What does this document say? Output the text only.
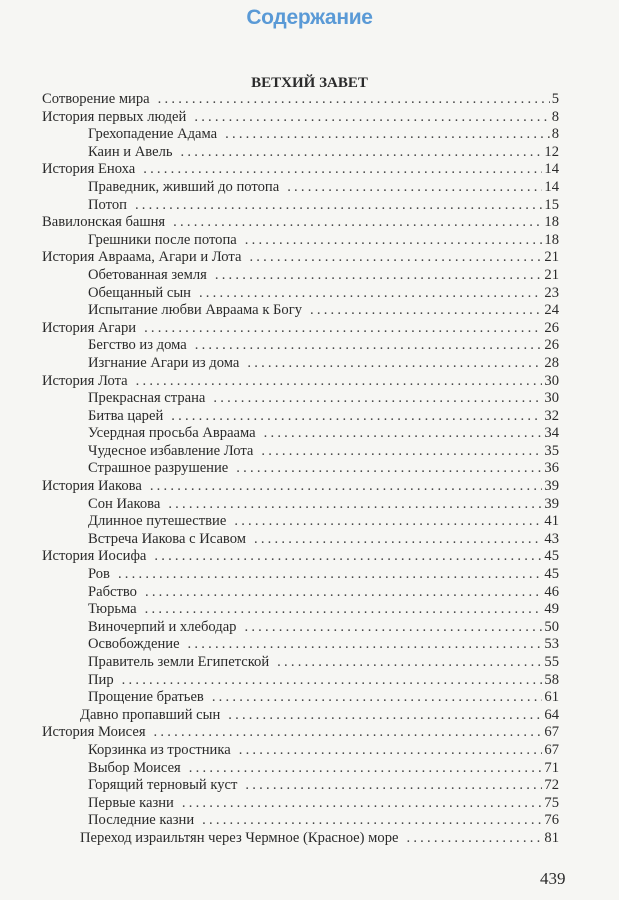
Содержание
ВЕТХИЙ ЗАВЕТ
Сотворение мира .....	5
История первых людей .....	8
Грехопадение Адама .....	8
Каин и Авель .....	12
История Еноха .....	14
Праведник, живший до потопа .....	14
Потоп .....	15
Вавилонская башня .....	18
Грешники после потопа .....	18
История Авраама, Агари и Лота .....	21
Обетованная земля .....	21
Обещанный сын .....	23
Испытание любви Авраама к Богу .....	24
История Агари .....	26
Бегство из дома .....	26
Изгнание Агари из дома .....	28
История Лота .....	30
Прекрасная страна .....	30
Битва царей .....	32
Усердная просьба Авраама .....	34
Чудесное избавление Лота .....	35
Страшное разрушение .....	36
История Иакова .....	39
Сон Иакова .....	39
Длинное путешествие .....	41
Встреча Иакова с Исавом .....	43
История Иосифа .....	45
Ров .....	45
Рабство .....	46
Тюрьма .....	49
Виночерпий и хлебодар .....	50
Освобождение .....	53
Правитель земли Египетской .....	55
Пир .....	58
Прощение братьев .....	61
Давно пропавший сын .....	64
История Моисея .....	67
Корзинка из тростника .....	67
Выбор Моисея .....	71
Горящий терновый куст .....	72
Первые казни .....	75
Последние казни .....	76
Переход израильтян через Чермное (Красное) море .....	81
439
